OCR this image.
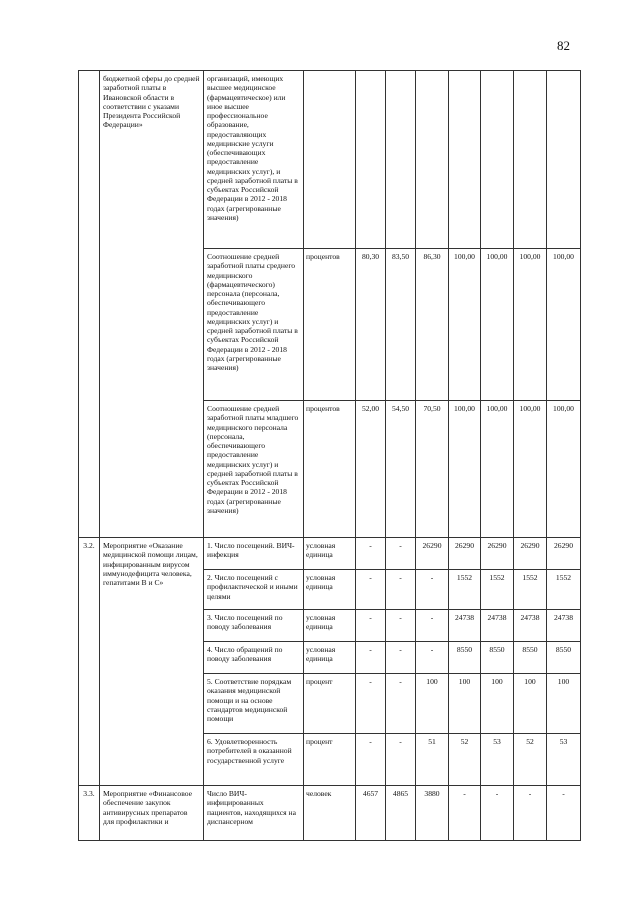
82
	бюджетной сферы до средней заработной платы в Ивановской области в соответствии с указами Президента Российской Федерации»	организаций, имеющих высшее медицинское (фармацевтическое) или иное высшее профессиональное образование, предоставляющих медицинские услуги (обеспечивающих предоставление медицинских услуг), и средней заработной платы в субъектах Российской Федерации в 2012 - 2018 годах (агрегированные значения)								
		Соотношение средней заработной платы среднего медицинского (фармацевтического) персонала (персонала, обеспечивающего предоставление медицинских услуг) и средней заработной платы в субъектах Российской Федерации в 2012 - 2018 годах (агрегированные значения)	процентов	80,30	83,50	86,30	100,00	100,00	100,00	100,00
		Соотношение средней заработной платы младшего медицинского персонала (персонала, обеспечивающего предоставление медицинских услуг) и средней заработной платы в субъектах Российской Федерации в 2012 - 2018 годах (агрегированные значения)	процентов	52,00	54,50	70,50	100,00	100,00	100,00	100,00
3.2.	Мероприятие «Оказание медицинской помощи лицам, инфицированным вирусом иммунодефицита человека, гепатитами В и С»	1. Число посещений. ВИЧ-инфекция	условная единица	-	-	26290	26290	26290	26290	26290
		2. Число посещений с профилактической и иными целями	условная единица	-	-	-	1552	1552	1552	1552
		3. Число посещений по поводу заболевания	условная единица	-	-	-	24738	24738	24738	24738
		4. Число обращений по поводу заболевания	условная единица	-	-	-	8550	8550	8550	8550
		5. Соответствие порядкам оказания медицинской помощи и на основе стандартов медицинской помощи	процент	-	-	100	100	100	100	100
		6. Удовлетворенность потребителей в оказанной государственной услуге	процент	-	-	51	52	53	52	53
3.3.	Мероприятие «Финансовое обеспечение закупок антивирусных препаратов для профилактики и	Число ВИЧ-инфицированных пациентов, находящихся на диспансерном	человек	4657	4865	3880	-	-	-	-
